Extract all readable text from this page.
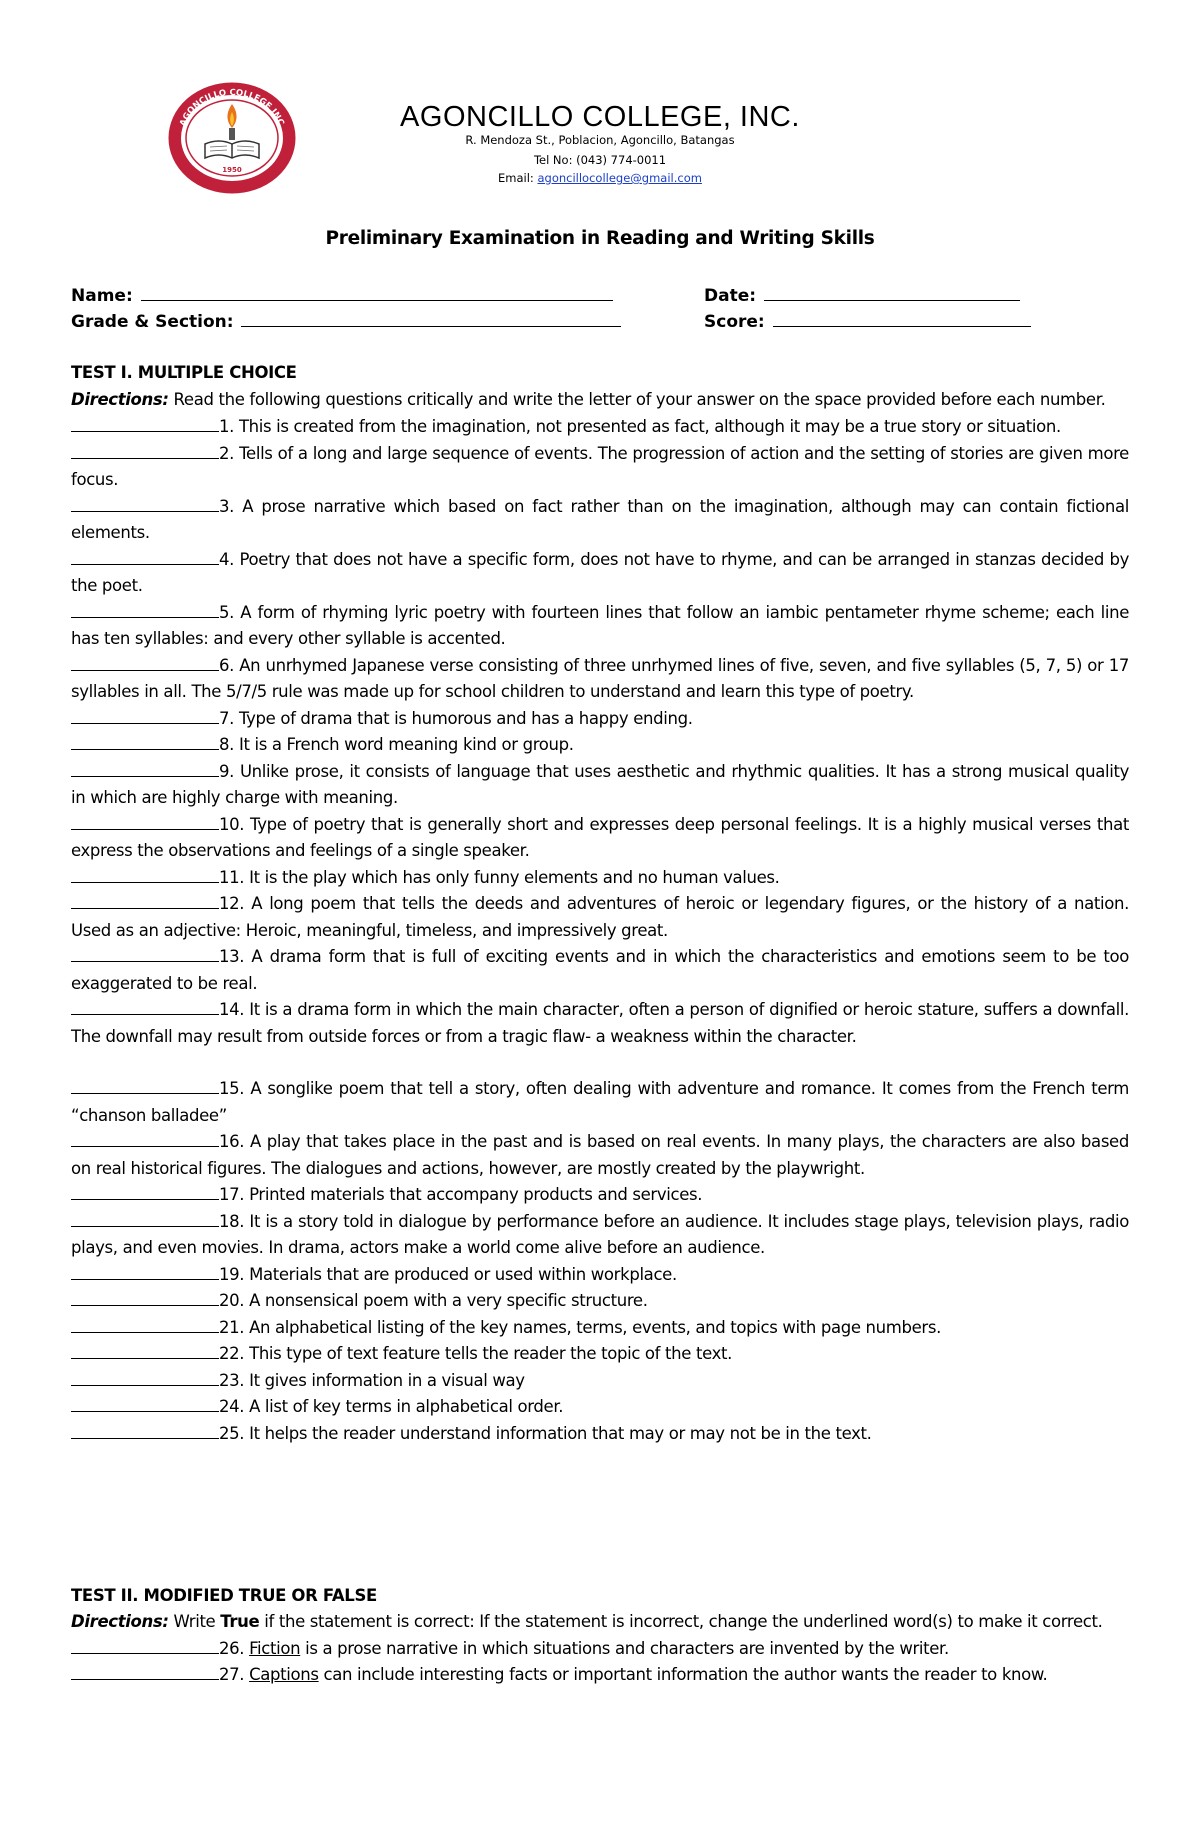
1950
AGONCILLO COLLEGE INC	AGONCILLO COLLEGE, INC.
R. Mendoza St., Poblacion, Agoncillo, Batangas
Tel No: (043) 774-0011
Email: agoncillocollege@gmail.com
Preliminary Examination in Reading and Writing Skills
Name:
Grade & Section:
Date:
Score:
TEST I. MULTIPLE CHOICE
Directions: Read the following questions critically and write the letter of your answer on the space provided before each number.
1. This is created from the imagination, not presented as fact, although it may be a true story or situation.
2. Tells of a long and large sequence of events. The progression of action and the setting of stories are given more focus.
3. A prose narrative which based on fact rather than on the imagination, although may can contain fictional elements.
4. Poetry that does not have a specific form, does not have to rhyme, and can be arranged in stanzas decided by the poet.
5. A form of rhyming lyric poetry with fourteen lines that follow an iambic pentameter rhyme scheme; each line has ten syllables: and every other syllable is accented.
6. An unrhymed Japanese verse consisting of three unrhymed lines of five, seven, and five syllables (5, 7, 5) or 17 syllables in all. The 5/7/5 rule was made up for school children to understand and learn this type of poetry.
7. Type of drama that is humorous and has a happy ending.
8. It is a French word meaning kind or group.
9. Unlike prose, it consists of language that uses aesthetic and rhythmic qualities. It has a strong musical quality in which are highly charge with meaning.
10. Type of poetry that is generally short and expresses deep personal feelings. It is a highly musical verses that express the observations and feelings of a single speaker.
11. It is the play which has only funny elements and no human values.
12. A long poem that tells the deeds and adventures of heroic or legendary figures, or the history of a nation. Used as an adjective: Heroic, meaningful, timeless, and impressively great.
13. A drama form that is full of exciting events and in which the characteristics and emotions seem to be too exaggerated to be real.
14. It is a drama form in which the main character, often a person of dignified or heroic stature, suffers a downfall. The downfall may result from outside forces or from a tragic flaw- a weakness within the character.
15. A songlike poem that tell a story, often dealing with adventure and romance. It comes from the French term “chanson balladee”
16. A play that takes place in the past and is based on real events. In many plays, the characters are also based on real historical figures. The dialogues and actions, however, are mostly created by the playwright.
17. Printed materials that accompany products and services.
18. It is a story told in dialogue by performance before an audience. It includes stage plays, television plays, radio plays, and even movies. In drama, actors make a world come alive before an audience.
19. Materials that are produced or used within workplace.
20. A nonsensical poem with a very specific structure.
21. An alphabetical listing of the key names, terms, events, and topics with page numbers.
22. This type of text feature tells the reader the topic of the text.
23. It gives information in a visual way
24. A list of key terms in alphabetical order.
25. It helps the reader understand information that may or may not be in the text.
TEST II. MODIFIED TRUE OR FALSE
Directions: Write True if the statement is correct: If the statement is incorrect, change the underlined word(s) to make it correct.
26. Fiction is a prose narrative in which situations and characters are invented by the writer.
27. Captions can include interesting facts or important information the author wants the reader to know.
